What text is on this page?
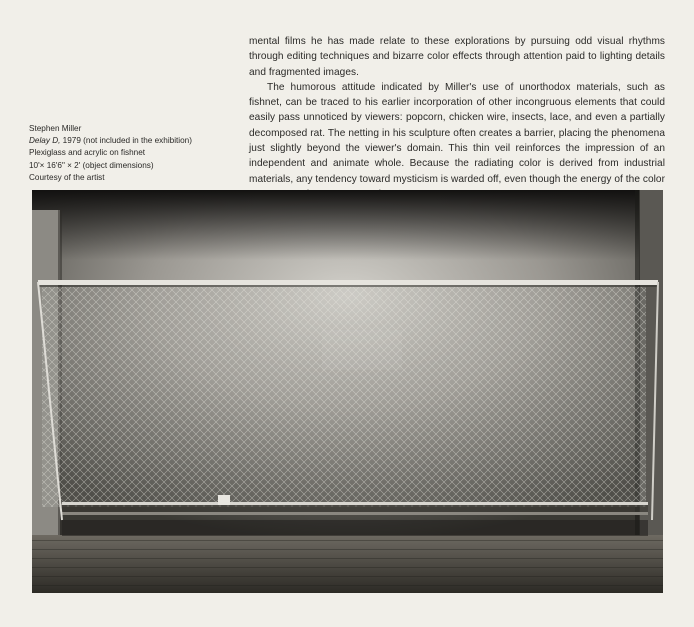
mental films he has made relate to these explorations by pursuing odd visual rhythms through editing techniques and bizarre color effects through attention paid to lighting details and fragmented images.

The humorous attitude indicated by Miller's use of unorthodox materials, such as fishnet, can be traced to his earlier incorporation of other incongruous elements that could easily pass unnoticed by viewers: popcorn, chicken wire, insects, lace, and even a partially decomposed rat. The netting in his sculpture often creates a barrier, placing the phenomena just slightly beyond the viewer's domain. This thin veil reinforces the impression of an independent and animate whole. Because the radiating color is derived from industrial materials, any tendency toward mysticism is warded off, even though the energy of the color

Stephen Miller
Delay D, 1979 (not included in the exhibition)
Plexiglass and acrylic on fishnet
10'× 16'6" × 2' (object dimensions)
Courtesy of the artist
